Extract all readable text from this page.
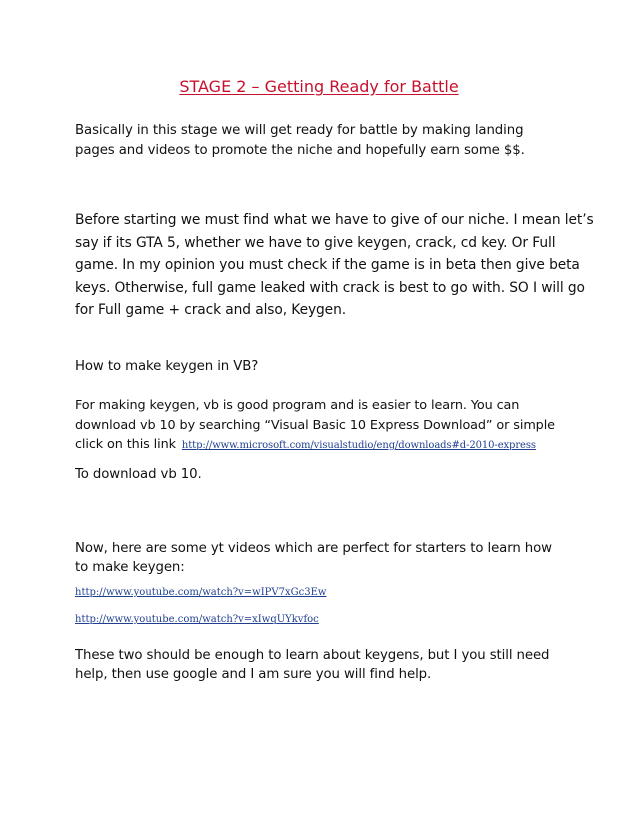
STAGE 2 – Getting Ready for Battle
Basically in this stage we will get ready for battle by making landing
pages and videos to promote the niche and hopefully earn some $$.
Before starting we must find what we have to give of our niche. I mean let’s
say if its GTA 5, whether we have to give keygen, crack, cd key. Or Full
game. In my opinion you must check if the game is in beta then give beta
keys. Otherwise, full game leaked with crack is best to go with. SO I will go
for Full game + crack and also, Keygen.
How to make keygen in VB?
For making keygen, vb is good program and is easier to learn. You can
download vb 10 by searching “Visual Basic 10 Express Download” or simple
click on this link http://www.microsoft.com/visualstudio/eng/downloads#d-2010-express
To download vb 10.
Now, here are some yt videos which are perfect for starters to learn how
to make keygen:
http://www.youtube.com/watch?v=wIPV7xGc3Ew
http://www.youtube.com/watch?v=xIwqUYkvfoc
These two should be enough to learn about keygens, but I you still need
help, then use google and I am sure you will find help.
